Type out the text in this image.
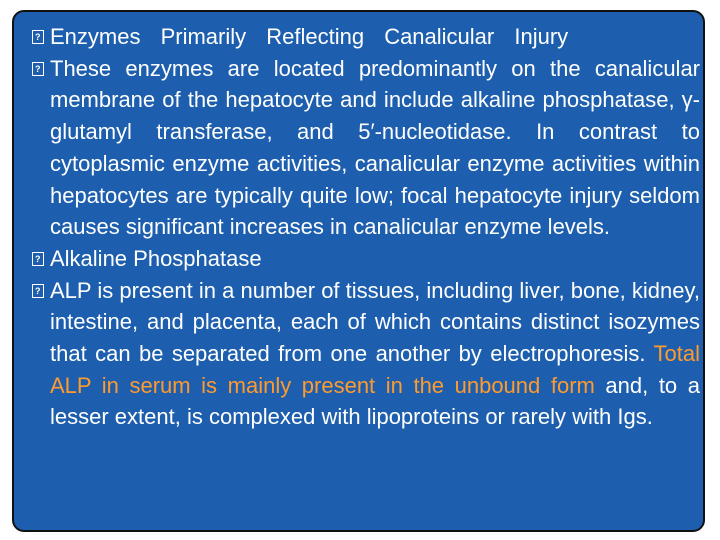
?
Enzymes Primarily Reflecting Canalicular Injury
?
These enzymes are located predominantly on the canalicular membrane of the hepatocyte and include alkaline phosphatase, γ-glutamyl transferase, and 5′-nucleotidase. In contrast to cytoplasmic enzyme activities, canalicular enzyme activities within hepatocytes are typically quite low; focal hepatocyte injury seldom causes significant increases in canalicular enzyme levels.
?
Alkaline Phosphatase
?
ALP is present in a number of tissues, including liver, bone, kidney, intestine, and placenta, each of which contains distinct isozymes that can be separated from one another by electrophoresis. Total ALP in serum is mainly present in the unbound form and, to a lesser extent, is complexed with lipoproteins or rarely with Igs.
